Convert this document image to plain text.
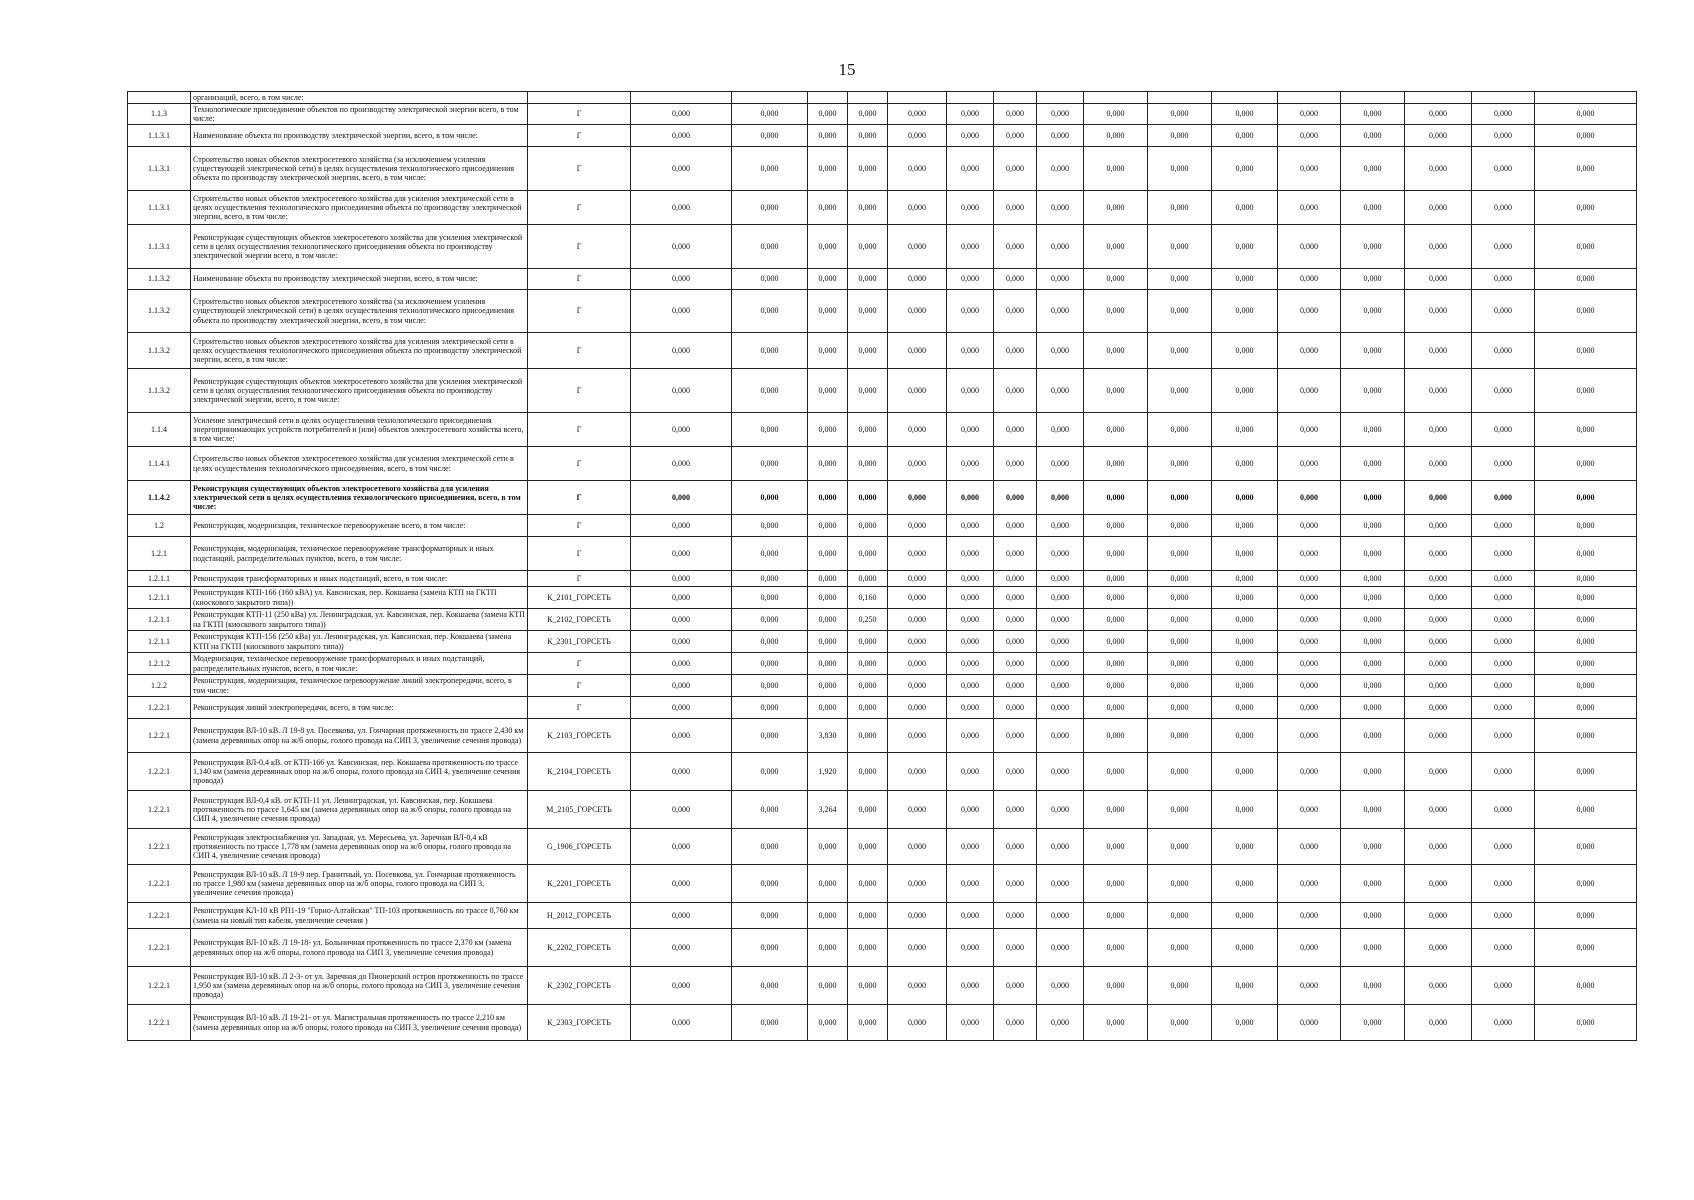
15
	организаций, всего, в том числе:																		
1.1.3	Технологическое присоединение объектов по производству электрической энергии всего, в том числе:	Г	0,000	0,000	0,000	0,000	0,000	0,000	0,000	0,000	0,000	0,000	0,000	0,000	0,000	0,000	0,000	0,000	
1.1.3.1	Наименование объекта по производству электрической энергии, всего, в том числе:	Г	0,000	0,000	0,000	0,000	0,000	0,000	0,000	0,000	0,000	0,000	0,000	0,000	0,000	0,000	0,000	0,000	
1.1.3.1	Строительство новых объектов электросетевого хозяйства (за исключением усиления существующей электрической сети) в целях осуществления технологического присоединения объекта по производству электрической энергии, всего, в том числе:	Г	0,000	0,000	0,000	0,000	0,000	0,000	0,000	0,000	0,000	0,000	0,000	0,000	0,000	0,000	0,000	0,000	
1.1.3.1	Строительство новых объектов электросетевого хозяйства для усиления электрической сети в целях осуществления технологического присоединения объекта по производству электрической энергии, всего, в том числе:	Г	0,000	0,000	0,000	0,000	0,000	0,000	0,000	0,000	0,000	0,000	0,000	0,000	0,000	0,000	0,000	0,000	
1.1.3.1	Реконструкция существующих объектов электросетевого хозяйства для усиления электрической сети в целях осуществления технологического присоединения объекта по производству электрической энергии всего, в том числе:	Г	0,000	0,000	0,000	0,000	0,000	0,000	0,000	0,000	0,000	0,000	0,000	0,000	0,000	0,000	0,000	0,000	
1.1.3.2	Наименование объекта по производству электрической энергии, всего, в том числе:	Г	0,000	0,000	0,000	0,000	0,000	0,000	0,000	0,000	0,000	0,000	0,000	0,000	0,000	0,000	0,000	0,000	
1.1.3.2	Строительство новых объектов электросетевого хозяйства (за исключением усиления существующей электрической сети) в целях осуществления технологического присоединения объекта по производству электрической энергии, всего, в том числе:	Г	0,000	0,000	0,000	0,000	0,000	0,000	0,000	0,000	0,000	0,000	0,000	0,000	0,000	0,000	0,000	0,000	
1.1.3.2	Строительство новых объектов электросетевого хозяйства для усиления электрической сети в целях осуществления технологического присоединения объекта по производству электрической энергии, всего, в том числе:	Г	0,000	0,000	0,000	0,000	0,000	0,000	0,000	0,000	0,000	0,000	0,000	0,000	0,000	0,000	0,000	0,000	
1.1.3.2	Реконструкция существующих объектов электросетевого хозяйства для усиления электрической сети в целях осуществления технологического присоединения объекта по производству электрической энергии, всего, в том числе:	Г	0,000	0,000	0,000	0,000	0,000	0,000	0,000	0,000	0,000	0,000	0,000	0,000	0,000	0,000	0,000	0,000	
1.1.4	Усиление электрической сети в целях осуществления технологического присоединения энергопринимающих устройств потребителей и (или) объектов электросетевого хозяйства всего, в том числе:	Г	0,000	0,000	0,000	0,000	0,000	0,000	0,000	0,000	0,000	0,000	0,000	0,000	0,000	0,000	0,000	0,000	
1.1.4.1	Строительство новых объектов электросетевого хозяйства для усиления электрической сети в целях осуществления технологического присоединения, всего, в том числе:	Г	0,000	0,000	0,000	0,000	0,000	0,000	0,000	0,000	0,000	0,000	0,000	0,000	0,000	0,000	0,000	0,000	
1.1.4.2	Реконструкция существующих объектов электросетевого хозяйства для усиления электрической сети в целях осуществления технологического присоединения, всего, в том числе:	Г	0,000	0,000	0,000	0,000	0,000	0,000	0,000	0,000	0,000	0,000	0,000	0,000	0,000	0,000	0,000	0,000	
1.2	Реконструкция, модернизация, техническое перевооружение всего, в том числе:	Г	0,000	0,000	0,000	0,000	0,000	0,000	0,000	0,000	0,000	0,000	0,000	0,000	0,000	0,000	0,000	0,000	
1.2.1	Реконструкция, модернизация, техническое перевооружение трансформаторных и иных подстанций, распределительных пунктов, всего, в том числе:	Г	0,000	0,000	0,000	0,000	0,000	0,000	0,000	0,000	0,000	0,000	0,000	0,000	0,000	0,000	0,000	0,000	
1.2.1.1	Реконструкция трансформаторных и иных подстанций, всего, в том числе:	Г	0,000	0,000	0,000	0,000	0,000	0,000	0,000	0,000	0,000	0,000	0,000	0,000	0,000	0,000	0,000	0,000	
1.2.1.1	Реконструкция КТП-166 (160 кВА) ул. Кавсинская, пер. Кокшаева (замена КТП на ГКТП (киоскового закрытого типа))	К_2101_ГОРСЕТЬ	0,000	0,000	0,000	0,160	0,000	0,000	0,000	0,000	0,000	0,000	0,000	0,000	0,000	0,000	0,000	0,000	
1.2.1.1	Реконструкция КТП-11 (250 кВа) ул. Ленинградская, ул. Кавсинская, пер. Кокшаева (замена КТП на ГКТП (киоскового закрытого типа))	К_2102_ГОРСЕТЬ	0,000	0,000	0,000	0,250	0,000	0,000	0,000	0,000	0,000	0,000	0,000	0,000	0,000	0,000	0,000	0,000	
1.2.1.1	Реконструкция КТП-156 (250 кВа) ул. Ленинградская, ул. Кавсинская, пер. Кокшаева (замена КТП на ГКТП (киоскового закрытого типа))	К_2301_ГОРСЕТЬ	0,000	0,000	0,000	0,000	0,000	0,000	0,000	0,000	0,000	0,000	0,000	0,000	0,000	0,000	0,000	0,000	
1.2.1.2	Модернизация, техническое перевооружение трансформаторных и иных подстанций, распределительных пунктов, всего, в том числе:	Г	0,000	0,000	0,000	0,000	0,000	0,000	0,000	0,000	0,000	0,000	0,000	0,000	0,000	0,000	0,000	0,000	
1.2.2	Реконструкция, модернизация, техническое перевооружение линий электропередачи, всего, в том числе:	Г	0,000	0,000	0,000	0,000	0,000	0,000	0,000	0,000	0,000	0,000	0,000	0,000	0,000	0,000	0,000	0,000	
1.2.2.1	Реконструкция линий электропередачи, всего, в том числе:	Г	0,000	0,000	0,000	0,000	0,000	0,000	0,000	0,000	0,000	0,000	0,000	0,000	0,000	0,000	0,000	0,000	
1.2.2.1	Реконструкция ВЛ-10 кВ. Л 19-8 ул. Посевкова, ул. Гончарная протяженность по трассе 2,430 км (замена деревянных опор на ж/б опоры, голого провода на СИП 3, увеличение сечения провода)	К_2103_ГОРСЕТЬ	0,000	0,000	3,830	0,000	0,000	0,000	0,000	0,000	0,000	0,000	0,000	0,000	0,000	0,000	0,000	0,000	
1.2.2.1	Реконструкция ВЛ-0,4 кВ. от КТП-166 ул. Кавсинская, пер. Кокшаева протяженность по трассе 1,140 км (замена деревянных опор на ж/б опоры, голого провода на СИП 4, увеличение сечения провода)	К_2104_ГОРСЕТЬ	0,000	0,000	1,920	0,000	0,000	0,000	0,000	0,000	0,000	0,000	0,000	0,000	0,000	0,000	0,000	0,000	
1.2.2.1	Реконструкция ВЛ-0,4 кВ. от КТП-11 ул. Ленинградская, ул. Кавсинская, пер. Кокшаева протяженность по трассе 1,645 км (замена деревянных опор на ж/б опоры, голого провода на СИП 4, увеличение сечения провода)	М_2105_ГОРСЕТЬ	0,000	0,000	3,264	0,000	0,000	0,000	0,000	0,000	0,000	0,000	0,000	0,000	0,000	0,000	0,000	0,000	
1.2.2.1	Реконструкция электроснабжения ул. Западная, ул. Мересьева, ул. Заречная ВЛ-0,4 кВ протяженность по трассе 1,778 км (замена деревянных опор на ж/б опоры, голого провода на СИП 4, увеличение сечения провода)	G_1906_ГОРСЕТЬ	0,000	0,000	0,000	0,000	0,000	0,000	0,000	0,000	0,000	0,000	0,000	0,000	0,000	0,000	0,000	0,000	
1.2.2.1	Реконструкция ВЛ-10 кВ. Л 19-9 пер. Гранитный, ул. Посевкова, ул. Гончарная протяженность по трассе 1,980 км (замена деревянных опор на ж/б опоры, голого провода на СИП 3, увеличение сечения провода)	К_2201_ГОРСЕТЬ	0,000	0,000	0,000	0,000	0,000	0,000	0,000	0,000	0,000	0,000	0,000	0,000	0,000	0,000	0,000	0,000	
1.2.2.1	Реконструкция КЛ-10 кВ РП1-19 "Горно-Алтайская" ТП-103 протяженность по трассе 0,760 км (замена на новый тип кабеля, увеличение сечения )	Н_2012_ГОРСЕТЬ	0,000	0,000	0,000	0,000	0,000	0,000	0,000	0,000	0,000	0,000	0,000	0,000	0,000	0,000	0,000	0,000	
1.2.2.1	Реконструкция ВЛ-10 кВ. Л 19-18- ул. Больничная протяженность по трассе 2,370 км (замена деревянных опор на ж/б опоры, голого провода на СИП 3, увеличение сечения провода)	К_2202_ГОРСЕТЬ	0,000	0,000	0,000	0,000	0,000	0,000	0,000	0,000	0,000	0,000	0,000	0,000	0,000	0,000	0,000	0,000	
1.2.2.1	Реконструкция ВЛ-10 кВ. Л 2-3- от ул. Заречная до Пионерский остров протяженность по трассе 1,950 км (замена деревянных опор на ж/б опоры, голого провода на СИП 3, увеличение сечения провода)	К_2302_ГОРСЕТЬ	0,000	0,000	0,000	0,000	0,000	0,000	0,000	0,000	0,000	0,000	0,000	0,000	0,000	0,000	0,000	0,000	
1.2.2.1	Реконструкция ВЛ-10 кВ. Л 19-21- от ул. Магистральная протяженность по трассе 2,210 км (замена деревянных опор на ж/б опоры, голого провода на СИП 3, увеличение сечения провода)	К_2303_ГОРСЕТЬ	0,000	0,000	0,000	0,000	0,000	0,000	0,000	0,000	0,000	0,000	0,000	0,000	0,000	0,000	0,000	0,000	
